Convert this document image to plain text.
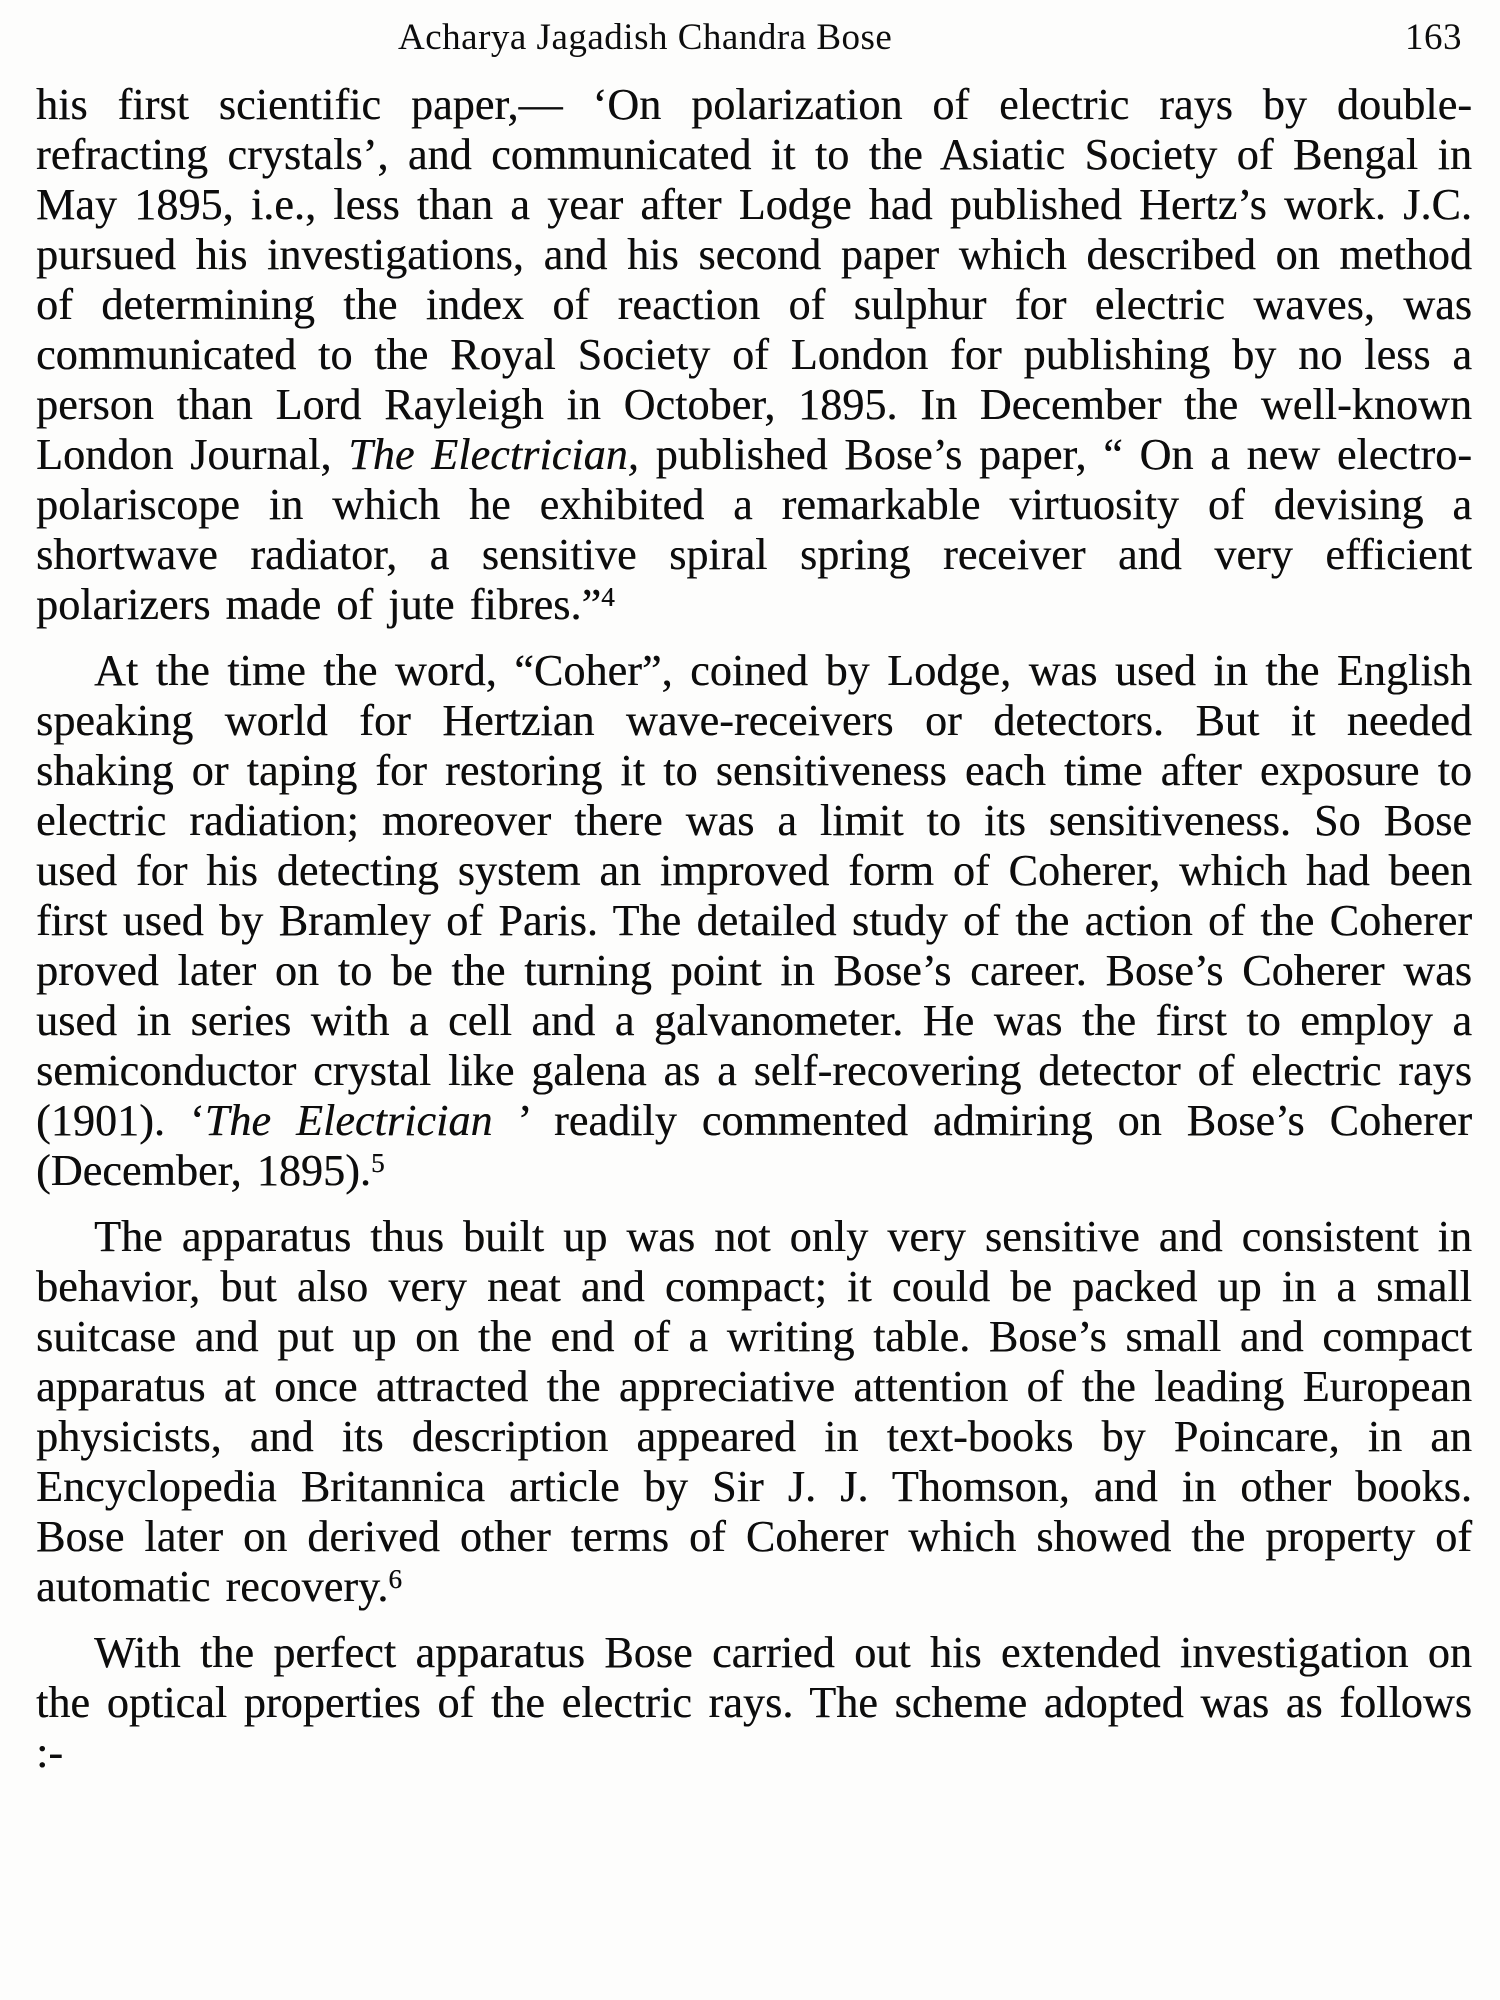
Acharya Jagadish Chandra Bose	163

his first scientific paper,— ‘On polarization of electric rays by double-refracting crystals’, and communicated it to the Asiatic Society of Bengal in May 1895, i.e., less than a year after Lodge had published Hertz’s work. J.C. pursued his investigations, and his second paper which described on method of determining the index of reaction of sulphur for electric waves, was communicated to the Royal Society of London for publishing by no less a person than Lord Rayleigh in October, 1895. In December the well-known London Journal, The Electrician, published Bose’s paper, “ On a new electro-polariscope in which he exhibited a remarkable virtuosity of devising a shortwave radiator, a sensitive spiral spring receiver and very efficient polarizers made of jute fibres.”$^4$

At the time the word, “Coher”, coined by Lodge, was used in the English speaking world for Hertzian wave-receivers or detectors. But it needed shaking or taping for restoring it to sensitiveness each time after exposure to electric radiation; moreover there was a limit to its sensitiveness. So Bose used for his detecting system an improved form of Coherer, which had been first used by Bramley of Paris. The detailed study of the action of the Coherer proved later on to be the turning point in Bose’s career. Bose’s Coherer was used in series with a cell and a galvanometer. He was the first to employ a semiconductor crystal like galena as a self-recovering detector of electric rays (1901). ‘The Electrician ’ readily commented admiring on Bose’s Coherer (December, 1895).$^5$

The apparatus thus built up was not only very sensitive and consistent in behavior, but also very neat and compact; it could be packed up in a small suitcase and put up on the end of a writing table. Bose’s small and compact apparatus at once attracted the appreciative attention of the leading European physicists, and its description appeared in text-books by Poincare, in an Encyclopedia Britannica article by Sir J. J. Thomson, and in other books. Bose later on derived other terms of Coherer which showed the property of automatic recovery.$^6$

With the perfect apparatus Bose carried out his extended investigation on the optical properties of the electric rays. The scheme adopted was as follows :-
